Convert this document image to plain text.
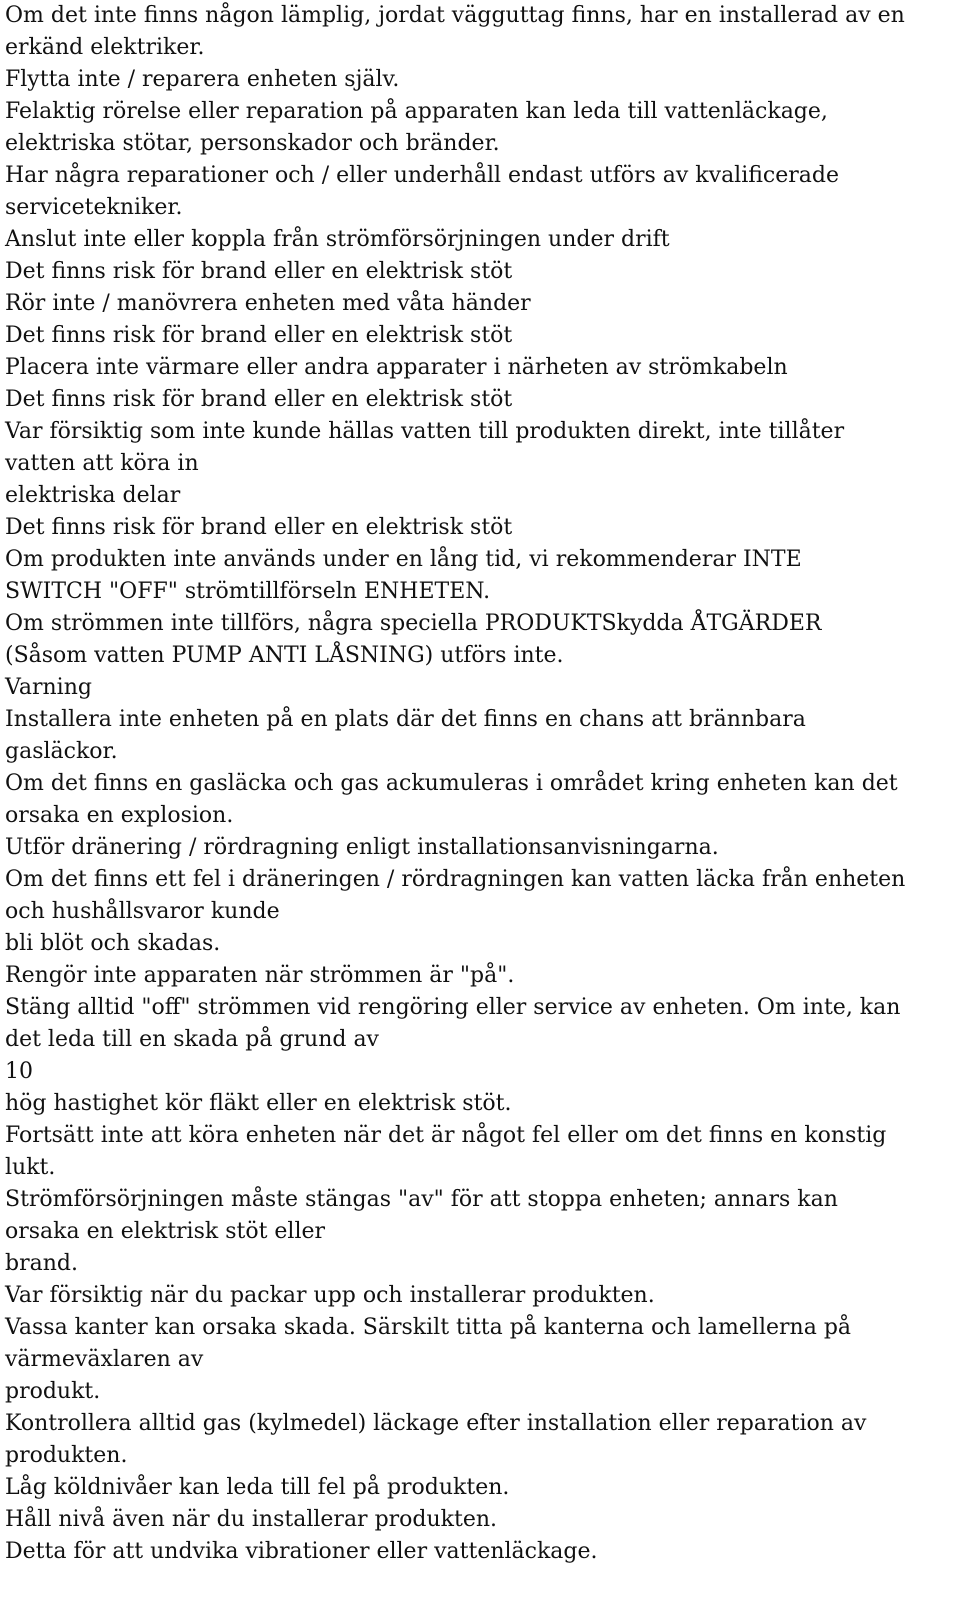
Om det inte finns någon lämplig, jordat vägguttag finns, har en installerad av en
erkänd elektriker.
Flytta inte / reparera enheten själv.
Felaktig rörelse eller reparation på apparaten kan leda till vattenläckage,
elektriska stötar, personskador och bränder.
Har några reparationer och / eller underhåll endast utförs av kvalificerade
servicetekniker.
Anslut inte eller koppla från strömförsörjningen under drift
Det finns risk för brand eller en elektrisk stöt
Rör inte / manövrera enheten med våta händer
Det finns risk för brand eller en elektrisk stöt
Placera inte värmare eller andra apparater i närheten av strömkabeln
Det finns risk för brand eller en elektrisk stöt
Var försiktig som inte kunde hällas vatten till produkten direkt, inte tillåter
vatten att köra in
elektriska delar
Det finns risk för brand eller en elektrisk stöt
Om produkten inte används under en lång tid, vi rekommenderar INTE
SWITCH "OFF" strömtillförseln ENHETEN.
Om strömmen inte tillförs, några speciella PRODUKTSkydda ÅTGÄRDER
(Såsom vatten PUMP ANTI LÅSNING) utförs inte.
Varning
Installera inte enheten på en plats där det finns en chans att brännbara
gasläckor.
Om det finns en gasläcka och gas ackumuleras i området kring enheten kan det
orsaka en explosion.
Utför dränering / rördragning enligt installationsanvisningarna.
Om det finns ett fel i dräneringen / rördragningen kan vatten läcka från enheten
och hushållsvaror kunde
bli blöt och skadas.
Rengör inte apparaten när strömmen är "på".
Stäng alltid "off" strömmen vid rengöring eller service av enheten. Om inte, kan
det leda till en skada på grund av
10
hög hastighet kör fläkt eller en elektrisk stöt.
Fortsätt inte att köra enheten när det är något fel eller om det finns en konstig
lukt.
Strömförsörjningen måste stängas "av" för att stoppa enheten; annars kan
orsaka en elektrisk stöt eller
brand.
Var försiktig när du packar upp och installerar produkten.
Vassa kanter kan orsaka skada. Särskilt titta på kanterna och lamellerna på
värmeväxlaren av
produkt.
Kontrollera alltid gas (kylmedel) läckage efter installation eller reparation av
produkten.
Låg köldnivåer kan leda till fel på produkten.
Håll nivå även när du installerar produkten.
Detta för att undvika vibrationer eller vattenläckage.
